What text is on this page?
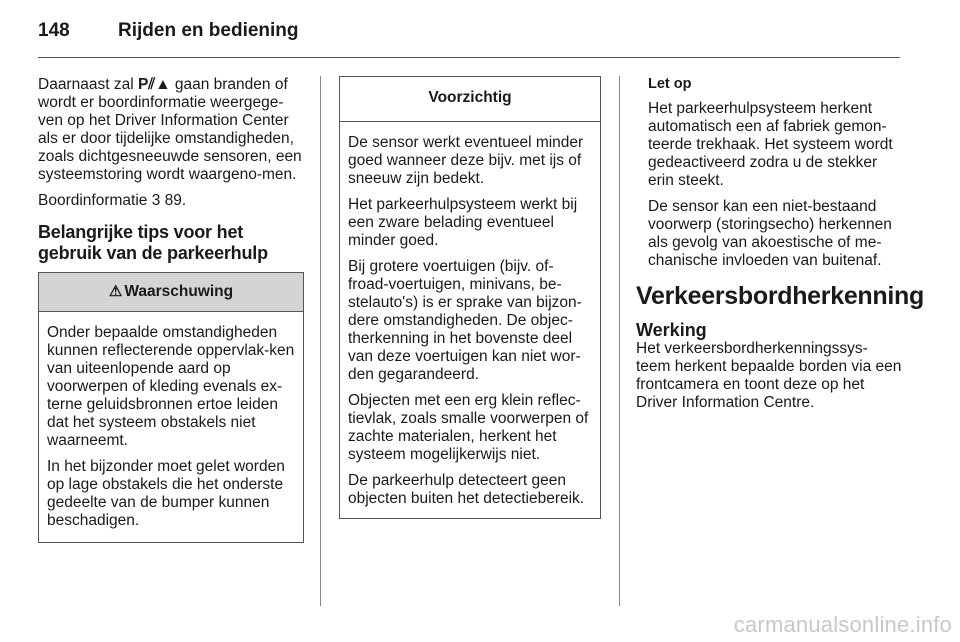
148	Rijden en bediening

Daarnaast zal P⫽▲ gaan branden of wordt er boordinformatie weergege-ven op het Driver Information Center als er door tijdelijke omstandigheden, zoals dichtgesneeuwde sensoren, een systeemstoring wordt waargeno-men.

Boordinformatie 3 89.

Belangrijke tips voor het gebruik van de parkeerhulp
⚠ Waarschuwing

Onder bepaalde omstandigheden kunnen reflecterende oppervlak-ken van uiteenlopende aard op voorwerpen of kleding evenals ex-terne geluidsbronnen ertoe leiden dat het systeem obstakels niet waarneemt.

In het bijzonder moet gelet worden op lage obstakels die het onderste gedeelte van de bumper kunnen beschadigen.

Voorzichtig

De sensor werkt eventueel minder goed wanneer deze bijv. met ijs of sneeuw zijn bedekt.

Het parkeerhulpsysteem werkt bij een zware belading eventueel minder goed.

Bij grotere voertuigen (bijv. of-froad-voertuigen, minivans, be-stelauto's) is er sprake van bijzon-dere omstandigheden. De objec-therkenning in het bovenste deel van deze voertuigen kan niet wor-den gegarandeerd.

Objecten met een erg klein reflec-tievlak, zoals smalle voorwerpen of zachte materialen, herkent het systeem mogelijkerwijs niet.

De parkeerhulp detecteert geen objecten buiten het detectiebereik.

Let op

Het parkeerhulpsysteem herkent automatisch een af fabriek gemon-teerde trekhaak. Het systeem wordt gedeactiveerd zodra u de stekker erin steekt.

De sensor kan een niet-bestaand voorwerp (storingsecho) herkennen als gevolg van akoestische of me-chanische invloeden van buitenaf.

Verkeersbordherkenning
Werking

Het verkeersbordherkenningssys-teem herkent bepaalde borden via een frontcamera en toont deze op het Driver Information Centre.

carmanualsonline.info
